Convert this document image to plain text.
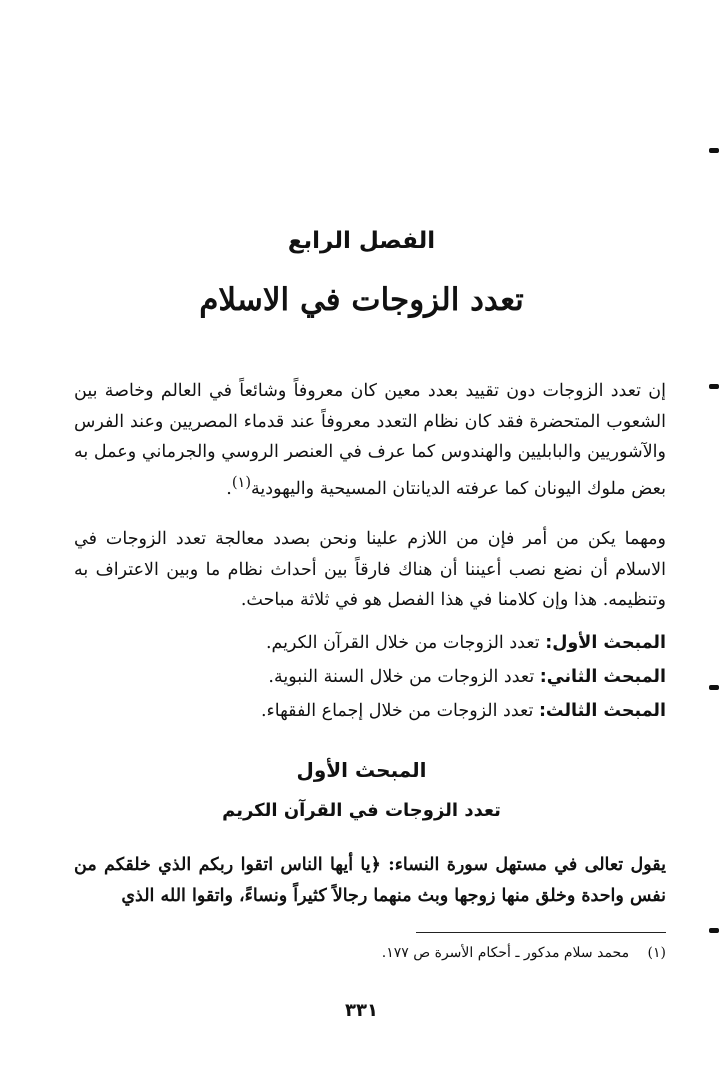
الفصل الرابع
تعدد الزوجات في الاسلام
إن تعدد الزوجات دون تقييد بعدد معين كان معروفاً وشائعاً في العالم وخاصة بين الشعوب المتحضرة فقد كان نظام التعدد معروفاً عند قدماء المصريين وعند الفرس والآشوريين والبابليين والهندوس كما عرف في العنصر الروسي والجرماني وعمل به بعض ملوك اليونان كما عرفته الديانتان المسيحية واليهودية$^{(١)}$.
ومهما يكن من أمر فإن من اللازم علينا ونحن بصدد معالجة تعدد الزوجات في الاسلام أن نضع نصب أعيننا أن هناك فارقاً بين أحداث نظام ما وبين الاعتراف به وتنظيمه. هذا وإن كلامنا في هذا الفصل هو في ثلاثة مباحث.
المبحث الأول: تعدد الزوجات من خلال القرآن الكريم.
المبحث الثاني: تعدد الزوجات من خلال السنة النبوية.
المبحث الثالث: تعدد الزوجات من خلال إجماع الفقهاء.
المبحث الأول
تعدد الزوجات في القرآن الكريم
يقول تعالى في مستهل سورة النساء: ﴿يا أيها الناس اتقوا ربكم الذي خلقكم من نفس واحدة وخلق منها زوجها وبث منهما رجالاً كثيراً ونساءً، واتقوا الله الذي
(١) محمد سلام مدكور ـ أحكام الأسرة ص ١٧٧.
٣٣١
